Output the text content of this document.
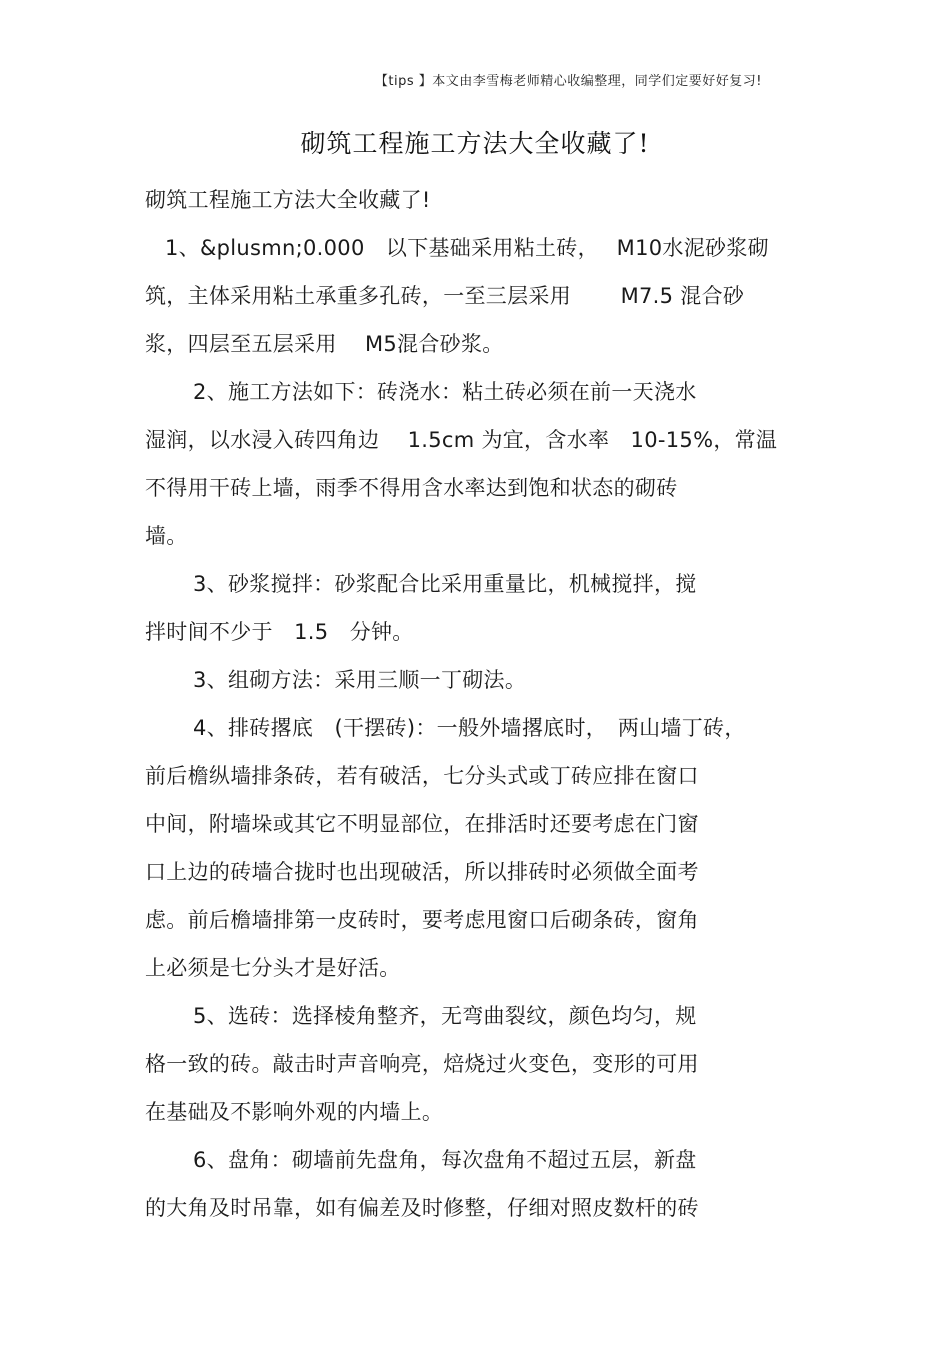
【tips 】本文由李雪梅老师精心收编整理，同学们定要好好复习!
砌筑工程施工方法大全收藏了!
砌筑工程施工方法大全收藏了!
1、&plusmn;0.000　以下基础采用粘土砖，　 M10水泥砂浆砌
筑，主体采用粘土承重多孔砖，一至三层采用　　 M7.5 混合砂
浆，四层至五层采用　 M5混合砂浆。
2、施工方法如下：砖浇水：粘土砖必须在前一天浇水
湿润，以水浸入砖四角边　 1.5cm 为宜，含水率　10-15%，常温
不得用干砖上墙，雨季不得用含水率达到饱和状态的砌砖
墙。
3、砂浆搅拌：砂浆配合比采用重量比，机械搅拌，搅
拌时间不少于　1.5　分钟。
3、组砌方法：采用三顺一丁砌法。
4、排砖撂底　(干摆砖)：一般外墙撂底时，　两山墙丁砖，
前后檐纵墙排条砖，若有破活，七分头式或丁砖应排在窗口
中间，附墙垛或其它不明显部位，在排活时还要考虑在门窗
口上边的砖墙合拢时也出现破活，所以排砖时必须做全面考
虑。前后檐墙排第一皮砖时，要考虑甩窗口后砌条砖，窗角
上必须是七分头才是好活。
5、选砖：选择棱角整齐，无弯曲裂纹，颜色均匀，规
格一致的砖。敲击时声音响亮，焙烧过火变色，变形的可用
在基础及不影响外观的内墙上。
6、盘角：砌墙前先盘角，每次盘角不超过五层，新盘
的大角及时吊靠，如有偏差及时修整，仔细对照皮数杆的砖
